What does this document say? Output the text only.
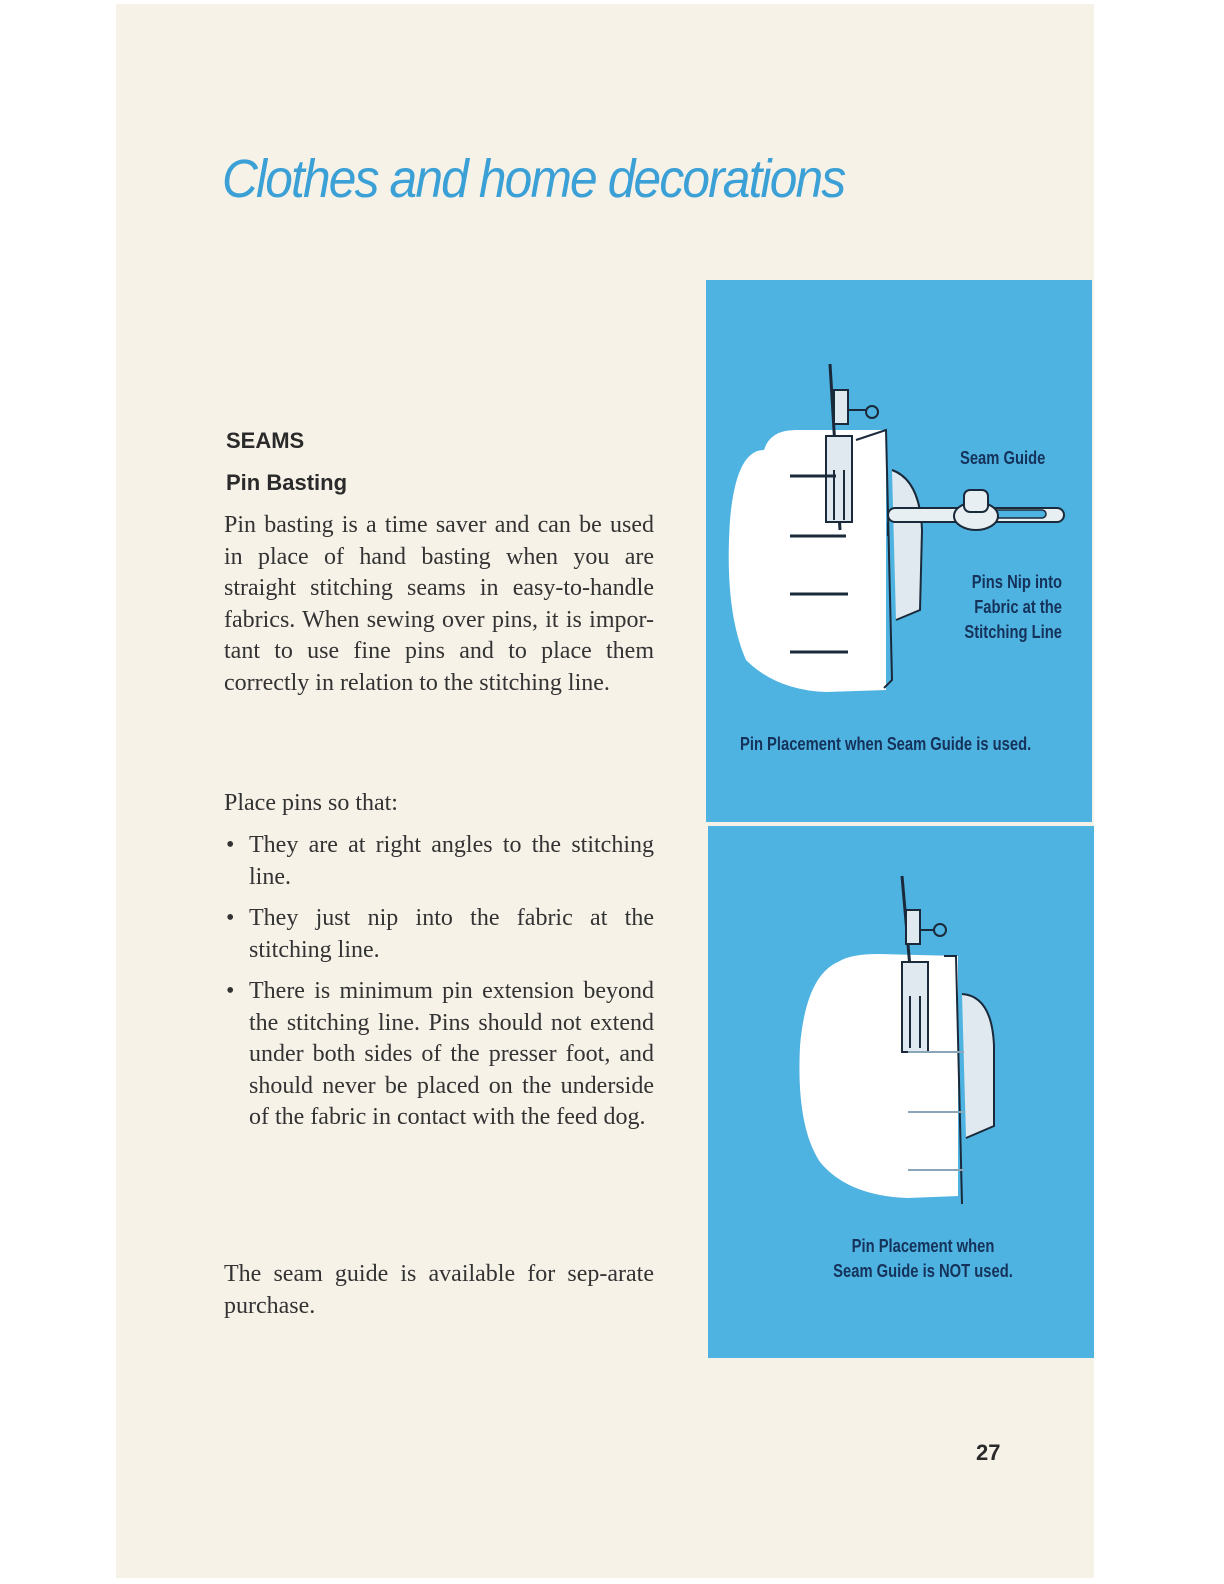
Clothes and home decorations
SEAMS
Pin Basting

Pin basting is a time saver and can be used in place of hand basting when you are straight stitching seams in easy-to-handle fabrics. When sewing over pins, it is impor-tant to use fine pins and to place them correctly in relation to the stitching line.

Place pins so that:

• They are at right angles to the stitching line.
• They just nip into the fabric at the stitching line.
• There is minimum pin extension beyond the stitching line. Pins should not extend under both sides of the presser foot, and should never be placed on the underside of the fabric in contact with the feed dog.

The seam guide is available for sep-arate purchase.

Seam Guide
Pins Nip into
Fabric at the
Stitching Line
Pin Placement when Seam Guide is used.
Pin Placement when
Seam Guide is NOT used.
27
